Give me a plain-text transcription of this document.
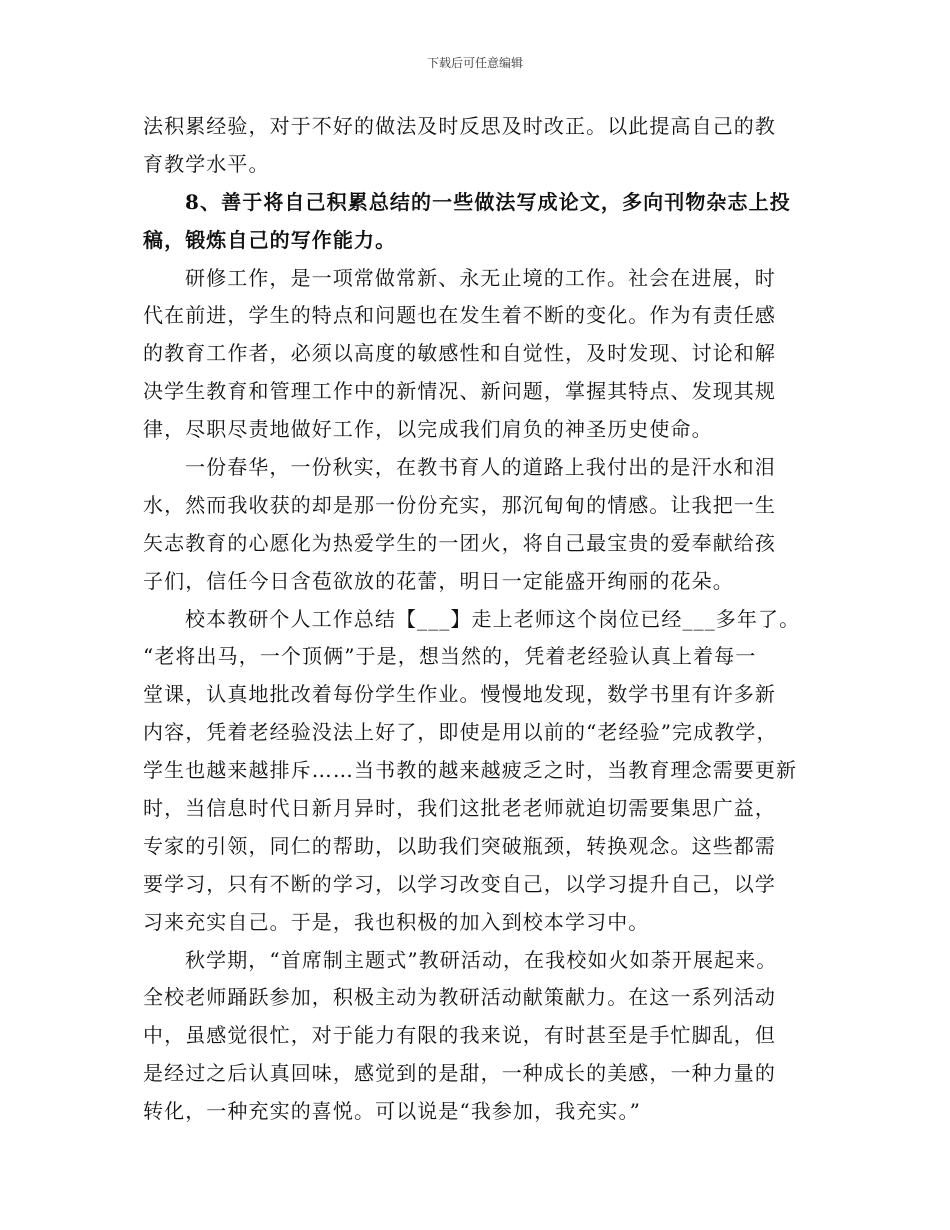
下载后可任意编辑
法积累经验，对于不好的做法及时反思及时改正。以此提高自己的教
育教学水平。
8、善于将自己积累总结的一些做法写成论文，多向刊物杂志上投
稿，锻炼自己的写作能力。
研修工作，是一项常做常新、永无止境的工作。社会在进展，时
代在前进，学生的特点和问题也在发生着不断的变化。作为有责任感
的教育工作者，必须以高度的敏感性和自觉性，及时发现、讨论和解
决学生教育和管理工作中的新情况、新问题，掌握其特点、发现其规
律，尽职尽责地做好工作，以完成我们肩负的神圣历史使命。
一份春华，一份秋实，在教书育人的道路上我付出的是汗水和泪
水，然而我收获的却是那一份份充实，那沉甸甸的情感。让我把一生
矢志教育的心愿化为热爱学生的一团火，将自己最宝贵的爱奉献给孩
子们，信任今日含苞欲放的花蕾，明日一定能盛开绚丽的花朵。
校本教研个人工作总结【___】走上老师这个岗位已经___多年了。
“老将出马，一个顶俩”于是，想当然的，凭着老经验认真上着每一
堂课，认真地批改着每份学生作业。慢慢地发现，数学书里有许多新
内容，凭着老经验没法上好了，即使是用以前的“老经验”完成教学，
学生也越来越排斥……当书教的越来越疲乏之时，当教育理念需要更新
时，当信息时代日新月异时，我们这批老老师就迫切需要集思广益，
专家的引领，同仁的帮助，以助我们突破瓶颈，转换观念。这些都需
要学习，只有不断的学习，以学习改变自己，以学习提升自己，以学
习来充实自己。于是，我也积极的加入到校本学习中。
秋学期，“首席制主题式”教研活动，在我校如火如荼开展起来。
全校老师踊跃参加，积极主动为教研活动献策献力。在这一系列活动
中，虽感觉很忙，对于能力有限的我来说，有时甚至是手忙脚乱，但
是经过之后认真回味，感觉到的是甜，一种成长的美感，一种力量的
转化，一种充实的喜悦。可以说是“我参加，我充实。”
